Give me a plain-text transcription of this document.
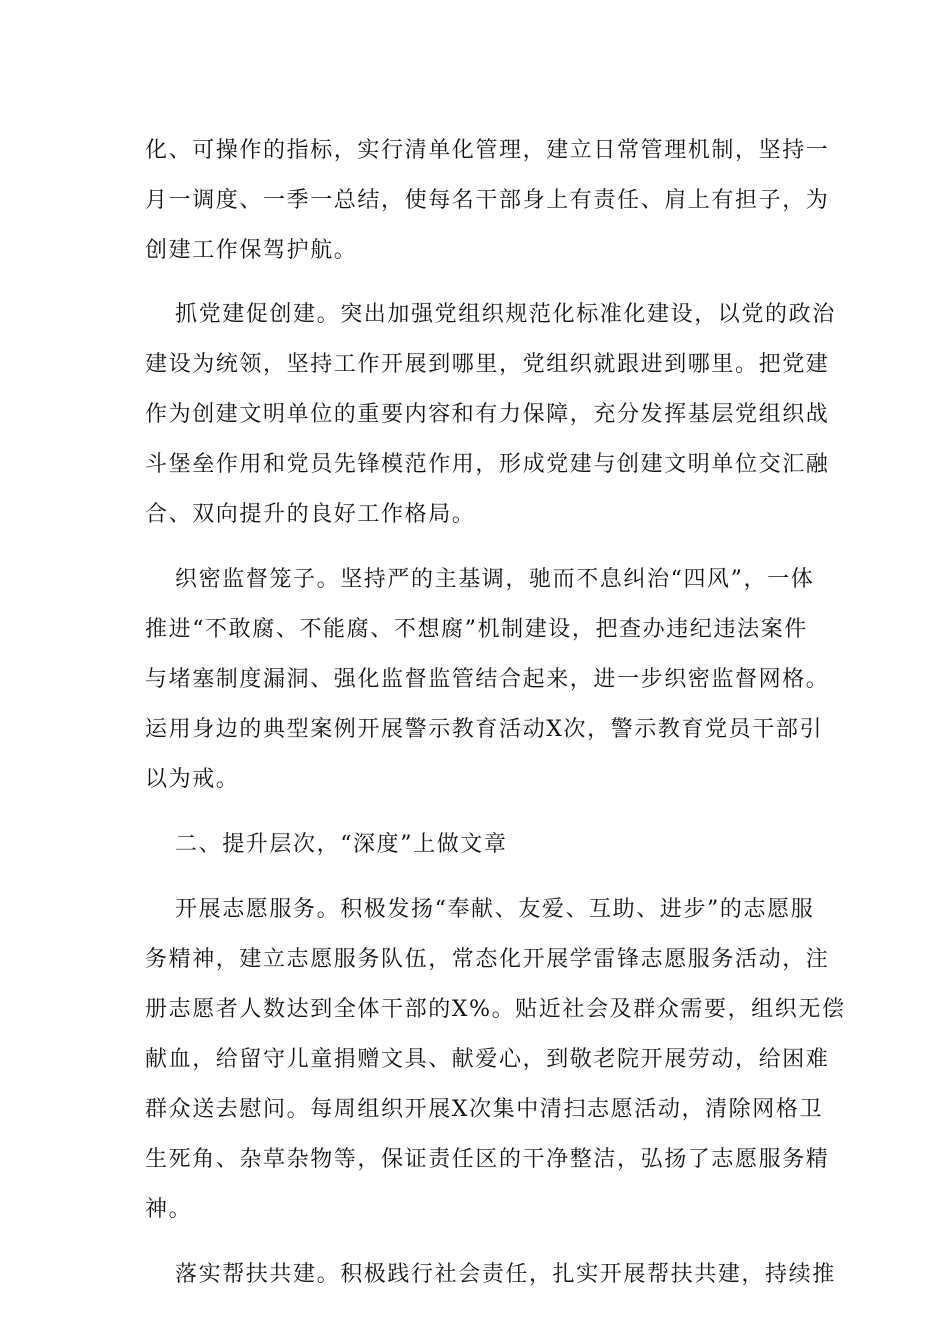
化、可操作的指标，实行清单化管理，建立日常管理机制，坚持一
月一调度、一季一总结，使每名干部身上有责任、肩上有担子，为
创建工作保驾护航。
抓党建促创建。突出加强党组织规范化标准化建设，以党的政治
建设为统领，坚持工作开展到哪里，党组织就跟进到哪里。把党建
作为创建文明单位的重要内容和有力保障，充分发挥基层党组织战
斗堡垒作用和党员先锋模范作用，形成党建与创建文明单位交汇融
合、双向提升的良好工作格局。
织密监督笼子。坚持严的主基调，驰而不息纠治“四风”，一体
推进“不敢腐、不能腐、不想腐”机制建设，把查办违纪违法案件
与堵塞制度漏洞、强化监督监管结合起来，进一步织密监督网格。
运用身边的典型案例开展警示教育活动X次，警示教育党员干部引
以为戒。
二、提升层次，“深度”上做文章
开展志愿服务。积极发扬“奉献、友爱、互助、进步”的志愿服
务精神，建立志愿服务队伍，常态化开展学雷锋志愿服务活动，注
册志愿者人数达到全体干部的X%。贴近社会及群众需要，组织无偿
献血，给留守儿童捐赠文具、献爱心，到敬老院开展劳动，给困难
群众送去慰问。每周组织开展X次集中清扫志愿活动，清除网格卫
生死角、杂草杂物等，保证责任区的干净整洁，弘扬了志愿服务精
神。
落实帮扶共建。积极践行社会责任，扎实开展帮扶共建，持续推
